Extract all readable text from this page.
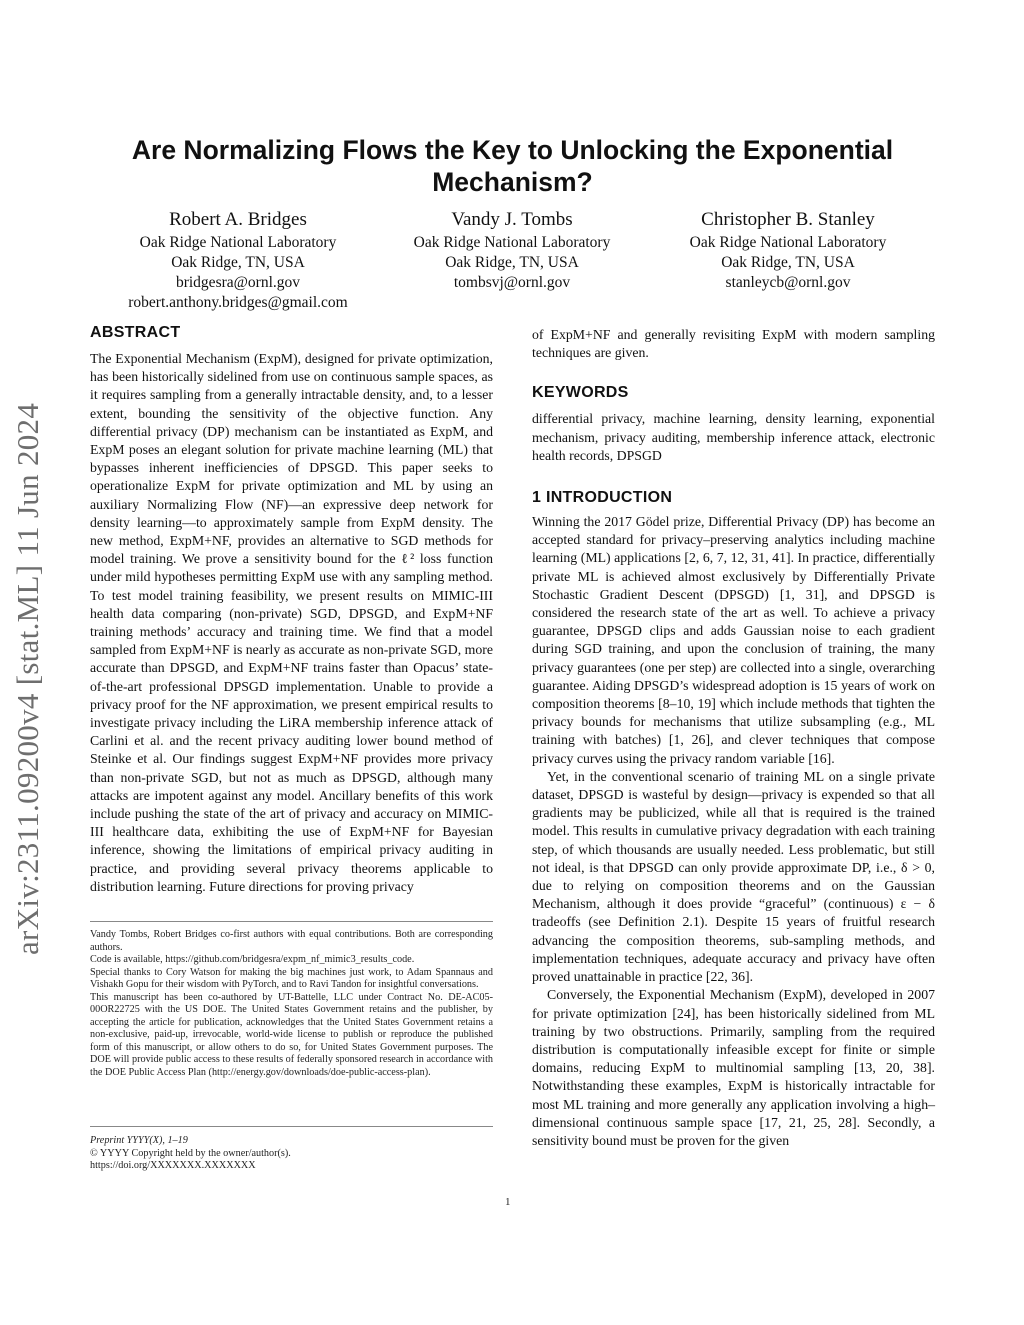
arXiv:2311.09200v4 [stat.ML] 11 Jun 2024
Are Normalizing Flows the Key to Unlocking the Exponential Mechanism?
Robert A. Bridges
Oak Ridge National Laboratory
Oak Ridge, TN, USA
bridgesra@ornl.gov
robert.anthony.bridges@gmail.com
Vandy J. Tombs
Oak Ridge National Laboratory
Oak Ridge, TN, USA
tombsvj@ornl.gov
Christopher B. Stanley
Oak Ridge National Laboratory
Oak Ridge, TN, USA
stanleycb@ornl.gov
ABSTRACT

The Exponential Mechanism (ExpM), designed for private optimization, has been historically sidelined from use on continuous sample spaces, as it requires sampling from a generally intractable density, and, to a lesser extent, bounding the sensitivity of the objective function. Any differential privacy (DP) mechanism can be instantiated as ExpM, and ExpM poses an elegant solution for private machine learning (ML) that bypasses inherent inefficiencies of DPSGD. This paper seeks to operationalize ExpM for private optimization and ML by using an auxiliary Normalizing Flow (NF)—an expressive deep network for density learning—to approximately sample from ExpM density. The new method, ExpM+NF, provides an alternative to SGD methods for model training. We prove a sensitivity bound for the ℓ² loss function under mild hypotheses permitting ExpM use with any sampling method. To test model training feasibility, we present results on MIMIC-III health data comparing (non-private) SGD, DPSGD, and ExpM+NF training methods’ accuracy and training time. We find that a model sampled from ExpM+NF is nearly as accurate as non-private SGD, more accurate than DPSGD, and ExpM+NF trains faster than Opacus’ state-of-the-art professional DPSGD implementation. Unable to provide a privacy proof for the NF approximation, we present empirical results to investigate privacy including the LiRA membership inference attack of Carlini et al. and the recent privacy auditing lower bound method of Steinke et al. Our findings suggest ExpM+NF provides more privacy than non-private SGD, but not as much as DPSGD, although many attacks are impotent against any model. Ancillary benefits of this work include pushing the state of the art of privacy and accuracy on MIMIC-III healthcare data, exhibiting the use of ExpM+NF for Bayesian inference, showing the limitations of empirical privacy auditing in practice, and providing several privacy theorems applicable to distribution learning. Future directions for proving privacy

Vandy Tombs, Robert Bridges co-first authors with equal contributions. Both are corresponding authors.

Code is available, https://github.com/bridgesra/expm_nf_mimic3_results_code.

Special thanks to Cory Watson for making the big machines just work, to Adam Spannaus and Vishakh Gopu for their wisdom with PyTorch, and to Ravi Tandon for insightful conversations.

This manuscript has been co-authored by UT-Battelle, LLC under Contract No. DE-AC05-00OR22725 with the US DOE. The United States Government retains and the publisher, by accepting the article for publication, acknowledges that the United States Government retains a non-exclusive, paid-up, irrevocable, world-wide license to publish or reproduce the published form of this manuscript, or allow others to do so, for United States Government purposes. The DOE will provide public access to these results of federally sponsored research in accordance with the DOE Public Access Plan (http://energy.gov/downloads/doe-public-access-plan).

Preprint YYYY(X), 1–19
© YYYY Copyright held by the owner/author(s).
https://doi.org/XXXXXXX.XXXXXXX

of ExpM+NF and generally revisiting ExpM with modern sampling techniques are given.

KEYWORDS

differential privacy, machine learning, density learning, exponential mechanism, privacy auditing, membership inference attack, electronic health records, DPSGD

1 INTRODUCTION

Winning the 2017 Gödel prize, Differential Privacy (DP) has become an accepted standard for privacy–preserving analytics including machine learning (ML) applications [2, 6, 7, 12, 31, 41]. In practice, differentially private ML is achieved almost exclusively by Differentially Private Stochastic Gradient Descent (DPSGD) [1, 31], and DPSGD is considered the research state of the art as well. To achieve a privacy guarantee, DPSGD clips and adds Gaussian noise to each gradient during SGD training, and upon the conclusion of training, the many privacy guarantees (one per step) are collected into a single, overarching guarantee. Aiding DPSGD’s widespread adoption is 15 years of work on composition theorems [8–10, 19] which include methods that tighten the privacy bounds for mechanisms that utilize subsampling (e.g., ML training with batches) [1, 26], and clever techniques that compose privacy curves using the privacy random variable [16].

Yet, in the conventional scenario of training ML on a single private dataset, DPSGD is wasteful by design—privacy is expended so that all gradients may be publicized, while all that is required is the trained model. This results in cumulative privacy degradation with each training step, of which thousands are usually needed. Less problematic, but still not ideal, is that DPSGD can only provide approximate DP, i.e., δ > 0, due to relying on composition theorems and on the Gaussian Mechanism, although it does provide “graceful” (continuous) ε − δ tradeoffs (see Definition 2.1). Despite 15 years of fruitful research advancing the composition theorems, sub-sampling methods, and implementation techniques, adequate accuracy and privacy have often proved unattainable in practice [22, 36].

Conversely, the Exponential Mechanism (ExpM), developed in 2007 for private optimization [24], has been historically sidelined from ML training by two obstructions. Primarily, sampling from the required distribution is computationally infeasible except for finite or simple domains, reducing ExpM to multinomial sampling [13, 20, 38]. Notwithstanding these examples, ExpM is historically intractable for most ML training and more generally any application involving a high–dimensional continuous sample space [17, 21, 25, 28]. Secondly, a sensitivity bound must be proven for the given

1
